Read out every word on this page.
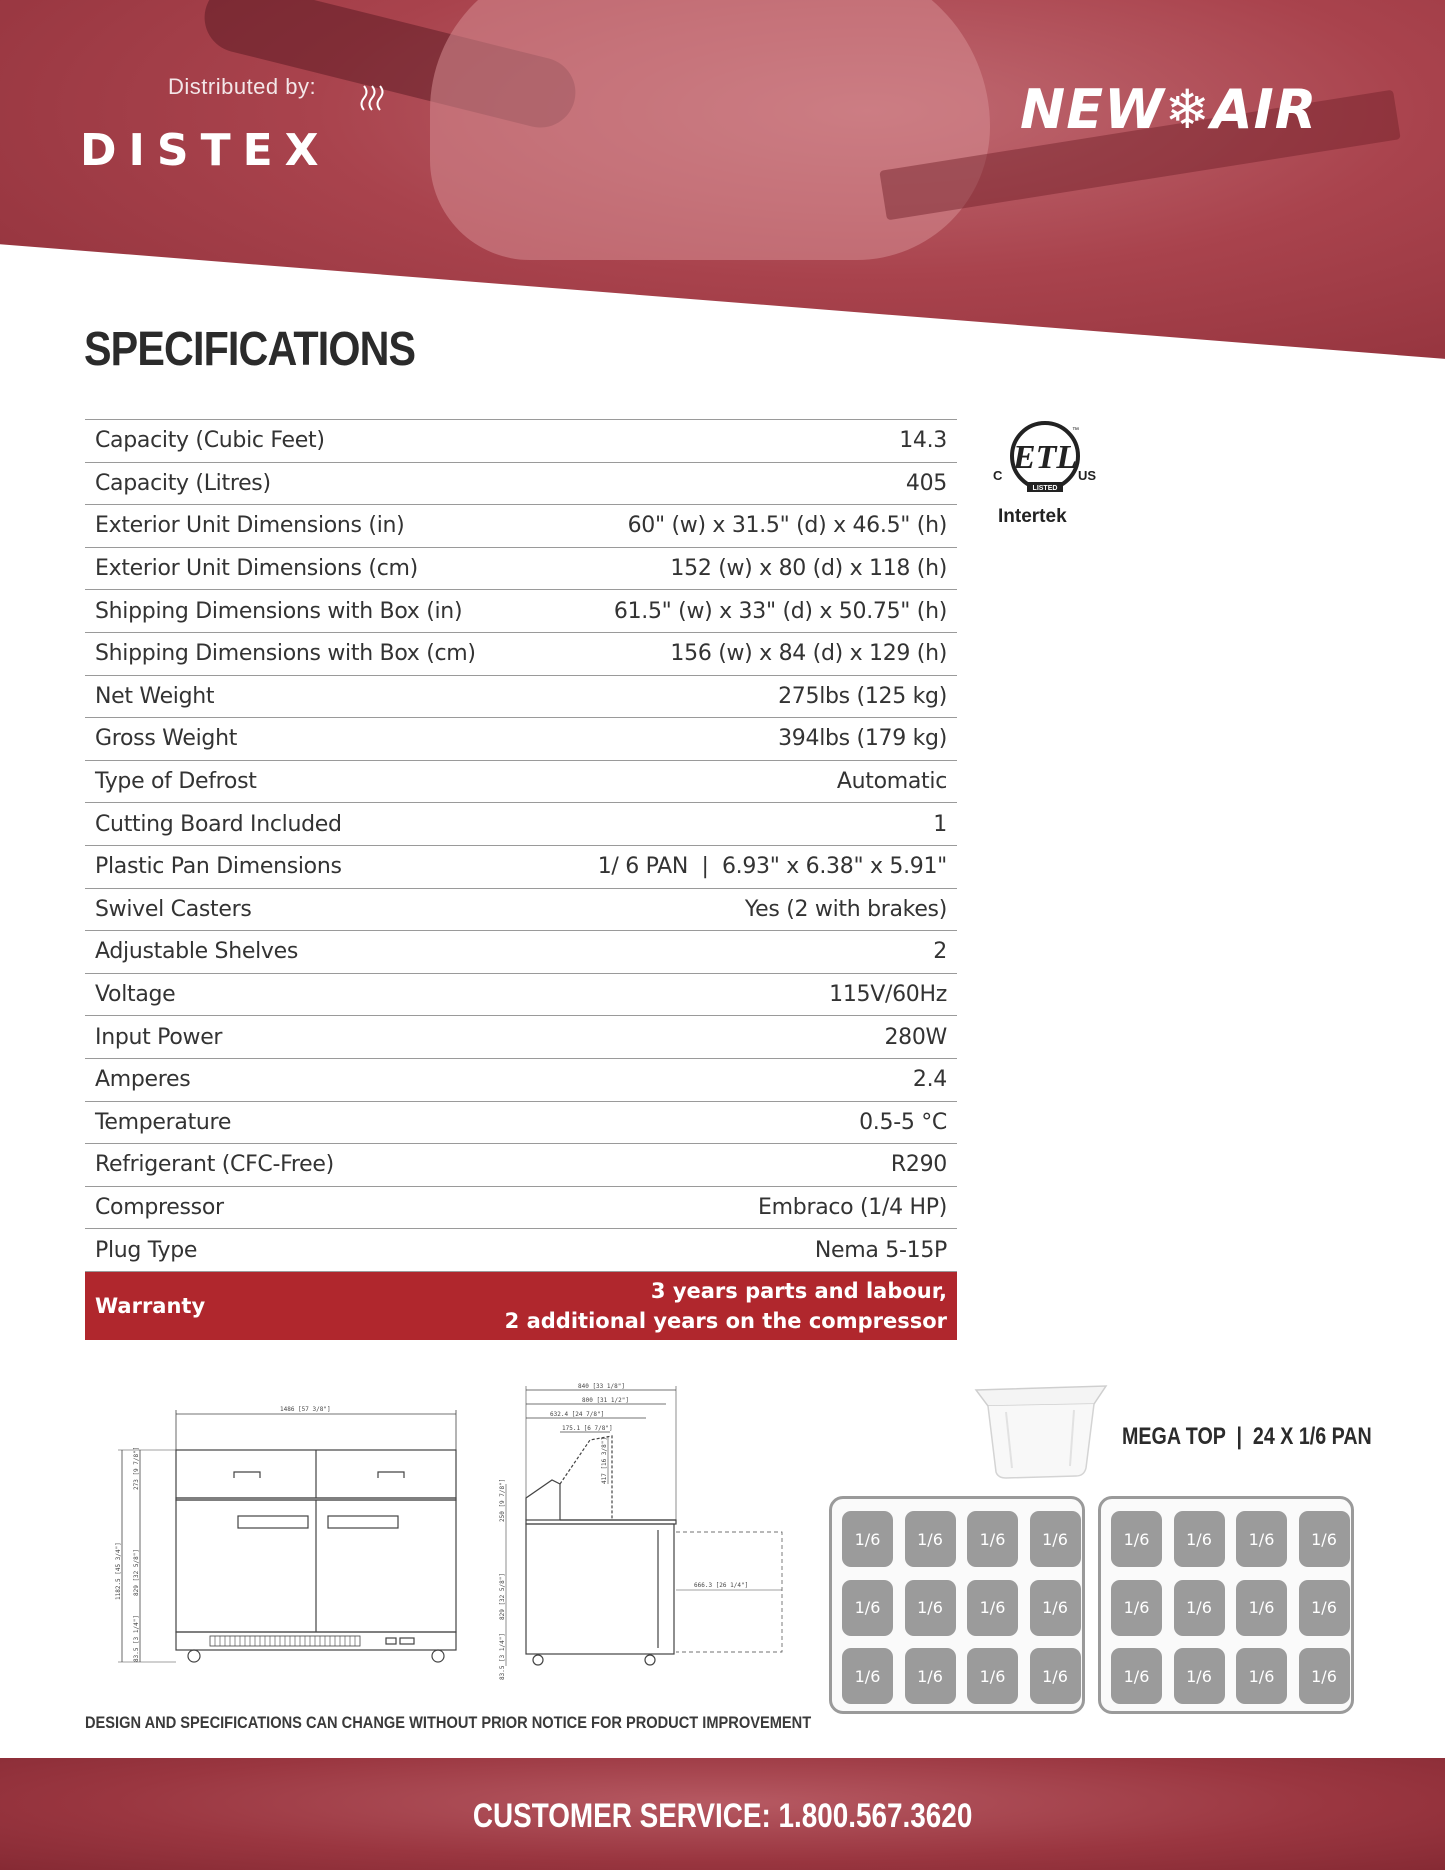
Distributed by:
DISTEX
NEW❄AIR
SPECIFICATIONS
Capacity (Cubic Feet)	14.3
Capacity (Litres)	405
Exterior Unit Dimensions (in)	60" (w) x 31.5" (d) x 46.5" (h)
Exterior Unit Dimensions (cm)	152 (w) x 80 (d) x 118 (h)
Shipping Dimensions with Box (in)	61.5" (w) x 33" (d) x 50.75" (h)
Shipping Dimensions with Box (cm)	156 (w) x 84 (d) x 129 (h)
Net Weight	275lbs (125 kg)
Gross Weight	394lbs (179 kg)
Type of Defrost	Automatic
Cutting Board Included	1
Plastic Pan Dimensions	1/ 6 PAN  |  6.93" x 6.38" x 5.91"
Swivel Casters	Yes (2 with brakes)
Adjustable Shelves	2
Voltage	115V/60Hz
Input Power	280W
Amperes	2.4
Temperature	0.5-5 °C
Refrigerant (CFC-Free)	R290
Compressor	Embraco (1/4 HP)
Plug Type	Nema 5-15P
Warranty
3 years parts and labour,
2 additional years on the compressor
ETL
™
C	US
LISTED
Intertek
1486 [57 3/8"]
1182.5 [45 3/4"]
273 [9 7/8"]
829 [32 5/8"]
83.5 [3 1/4"]
840 [33 1/8"]
800 [31 1/2"]
632.4 [24 7/8"]
175.1 [6 7/8"]
417 [16 3/8"]
250 [9 7/8"]
829 [32 5/8"]
83.5 [3 1/4"]
666.3 [26 1/4"]
DESIGN AND SPECIFICATIONS CAN CHANGE WITHOUT PRIOR NOTICE FOR PRODUCT IMPROVEMENT
MEGA TOP  |  24 X 1/6 PAN
1/6	1/6	1/6	1/6
1/6	1/6	1/6	1/6
1/6	1/6	1/6	1/6
1/6	1/6	1/6	1/6
1/6	1/6	1/6	1/6
1/6	1/6	1/6	1/6
CUSTOMER SERVICE: 1.800.567.3620
